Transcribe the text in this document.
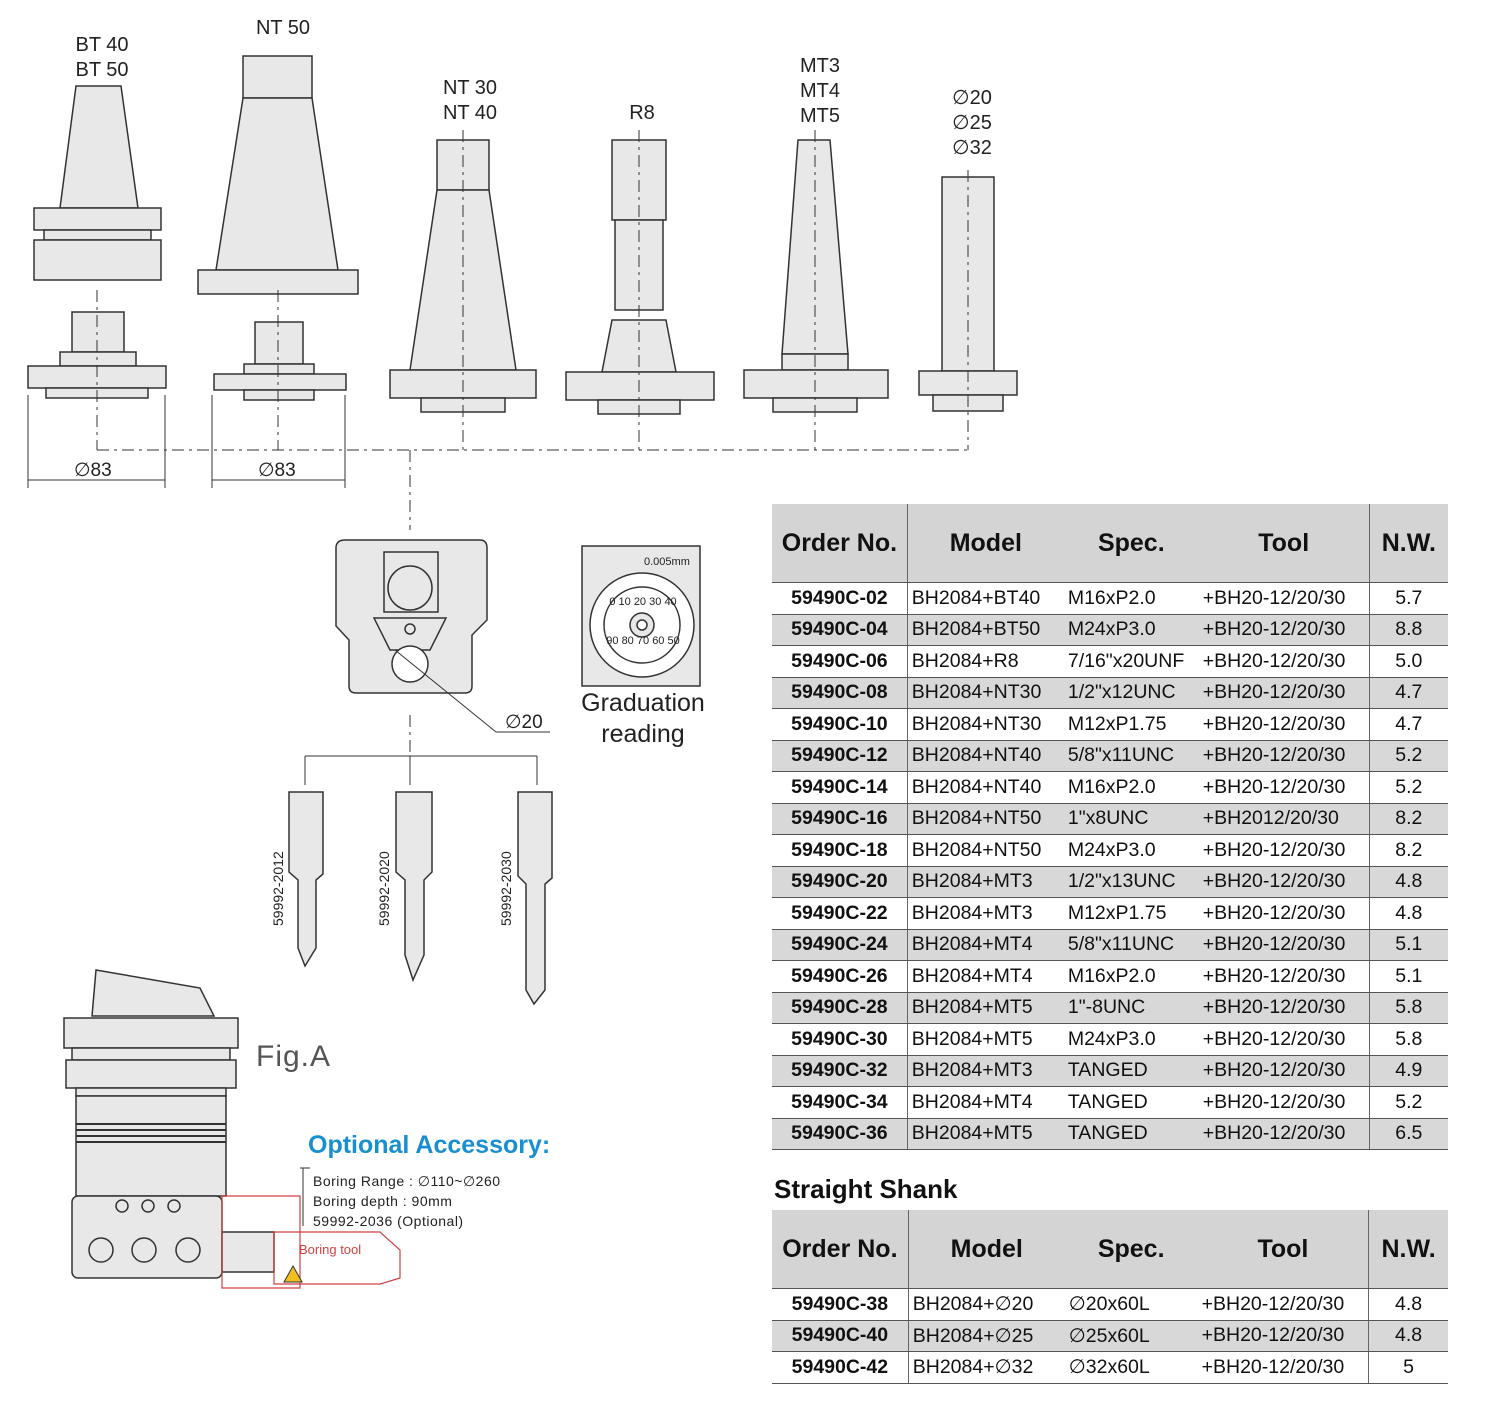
BT 40
BT 50
NT 50
NT 30
NT 40	R8
MT3
MT4
MT5
∅20
∅25
∅32
∅83	∅83
∅20
0.005mm
0 10 20 30 40

90 80 70 60 50
Graduation
reading
59992-2012	59992-2020	59992-2030
Fig.A
Optional Accessory:
Boring Range : ∅110~∅260
Boring depth : 90mm
59992-2036 (Optional)
Boring tool
Order No.	Model	Spec.	Tool	N.W.
59490C-02	BH2084+BT40	M16xP2.0	+BH20-12/20/30	5.7
59490C-04	BH2084+BT50	M24xP3.0	+BH20-12/20/30	8.8
59490C-06	BH2084+R8	7/16"x20UNF	+BH20-12/20/30	5.0
59490C-08	BH2084+NT30	1/2"x12UNC	+BH20-12/20/30	4.7
59490C-10	BH2084+NT30	M12xP1.75	+BH20-12/20/30	4.7
59490C-12	BH2084+NT40	5/8"x11UNC	+BH20-12/20/30	5.2
59490C-14	BH2084+NT40	M16xP2.0	+BH20-12/20/30	5.2
59490C-16	BH2084+NT50	1"x8UNC	+BH2012/20/30	8.2
59490C-18	BH2084+NT50	M24xP3.0	+BH20-12/20/30	8.2
59490C-20	BH2084+MT3	1/2"x13UNC	+BH20-12/20/30	4.8
59490C-22	BH2084+MT3	M12xP1.75	+BH20-12/20/30	4.8
59490C-24	BH2084+MT4	5/8"x11UNC	+BH20-12/20/30	5.1
59490C-26	BH2084+MT4	M16xP2.0	+BH20-12/20/30	5.1
59490C-28	BH2084+MT5	1"-8UNC	+BH20-12/20/30	5.8
59490C-30	BH2084+MT5	M24xP3.0	+BH20-12/20/30	5.8
59490C-32	BH2084+MT3	TANGED	+BH20-12/20/30	4.9
59490C-34	BH2084+MT4	TANGED	+BH20-12/20/30	5.2
59490C-36	BH2084+MT5	TANGED	+BH20-12/20/30	6.5
Straight Shank
Order No.	Model	Spec.	Tool	N.W.
59490C-38	BH2084+∅20	∅20x60L	+BH20-12/20/30	4.8
59490C-40	BH2084+∅25	∅25x60L	+BH20-12/20/30	4.8
59490C-42	BH2084+∅32	∅32x60L	+BH20-12/20/30	5
